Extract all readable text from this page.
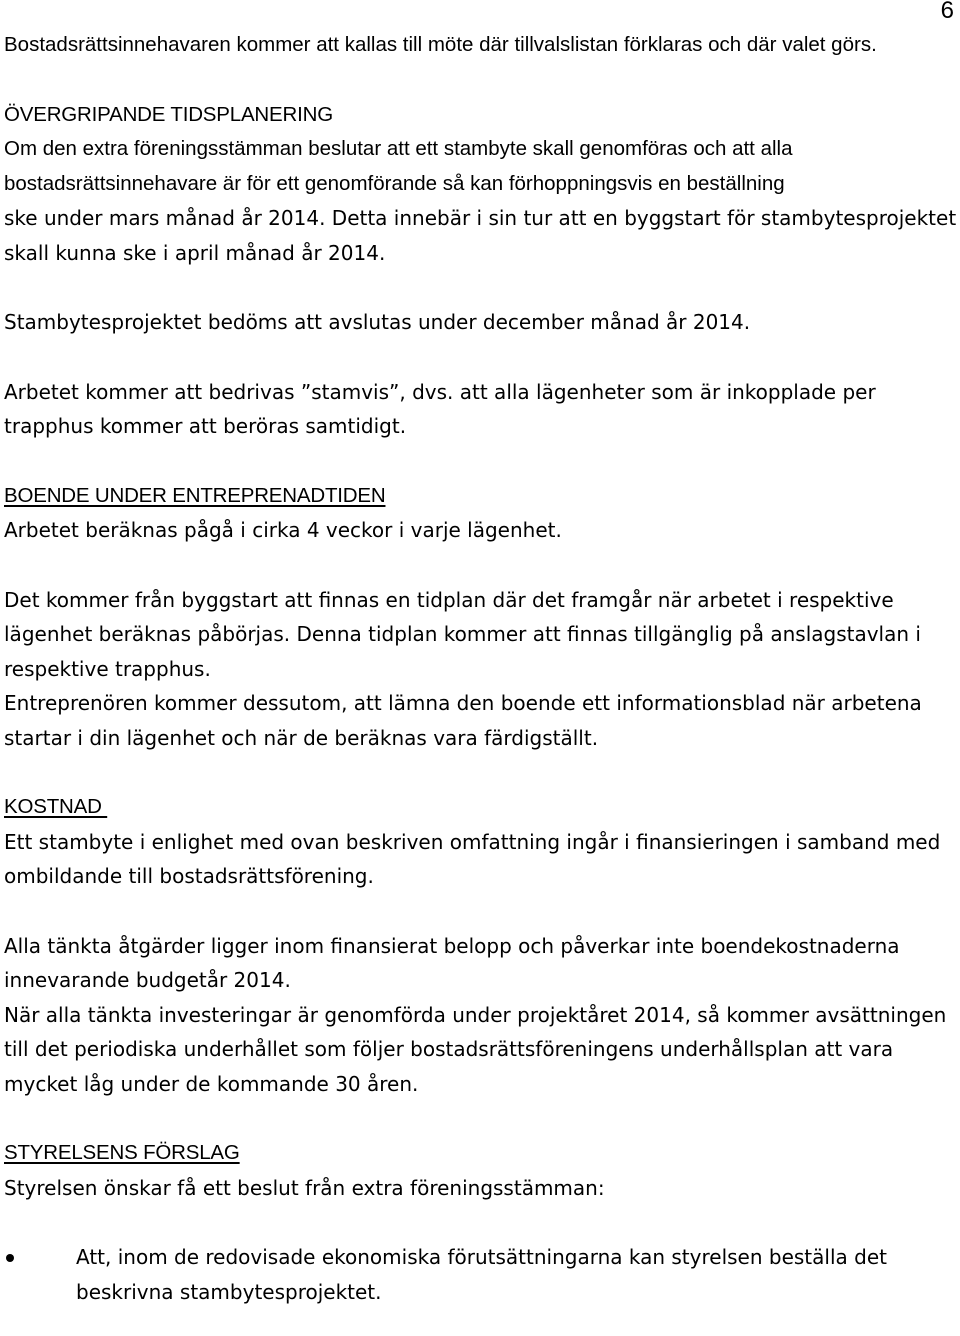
6

Bostadsrättsinnehavaren kommer att kallas till möte där tillvalslistan förklaras och där valet görs.

ÖVERGRIPANDE TIDSPLANERING

Om den extra föreningsstämman beslutar att ett stambyte skall genomföras och att alla bostadsrättsinnehavare är för ett genomförande så kan förhoppningsvis en beställning

ske under mars månad år 2014. Detta innebär i sin tur att en byggstart för stambytesprojektet skall kunna ske i april månad år 2014.

Stambytesprojektet bedöms att avslutas under december månad år 2014.

Arbetet kommer att bedrivas ”stamvis”, dvs. att alla lägenheter som är inkopplade per trapphus kommer att beröras samtidigt.

BOENDE UNDER ENTREPRENADTIDEN

Arbetet beräknas pågå i cirka 4 veckor i varje lägenhet.

Det kommer från byggstart att finnas en tidplan där det framgår när arbetet i respektive lägenhet beräknas påbörjas. Denna tidplan kommer att finnas tillgänglig på anslagstavlan i respektive trapphus.

Entreprenören kommer dessutom, att lämna den boende ett informationsblad när arbetena startar i din lägenhet och när de beräknas vara färdigställt.

KOSTNAD

Ett stambyte i enlighet med ovan beskriven omfattning ingår i finansieringen i samband med ombildande till bostadsrättsförening.

Alla tänkta åtgärder ligger inom finansierat belopp och påverkar inte boendekostnaderna innevarande budgetår 2014.

När alla tänkta investeringar är genomförda under projektåret 2014, så kommer avsättningen till det periodiska underhållet som följer bostadsrättsföreningens underhållsplan att vara mycket låg under de kommande 30 åren.

STYRELSENS FÖRSLAG

Styrelsen önskar få ett beslut från extra föreningsstämman:

Att, inom de redovisade ekonomiska förutsättningarna kan styrelsen beställa det beskrivna stambytesprojektet.
